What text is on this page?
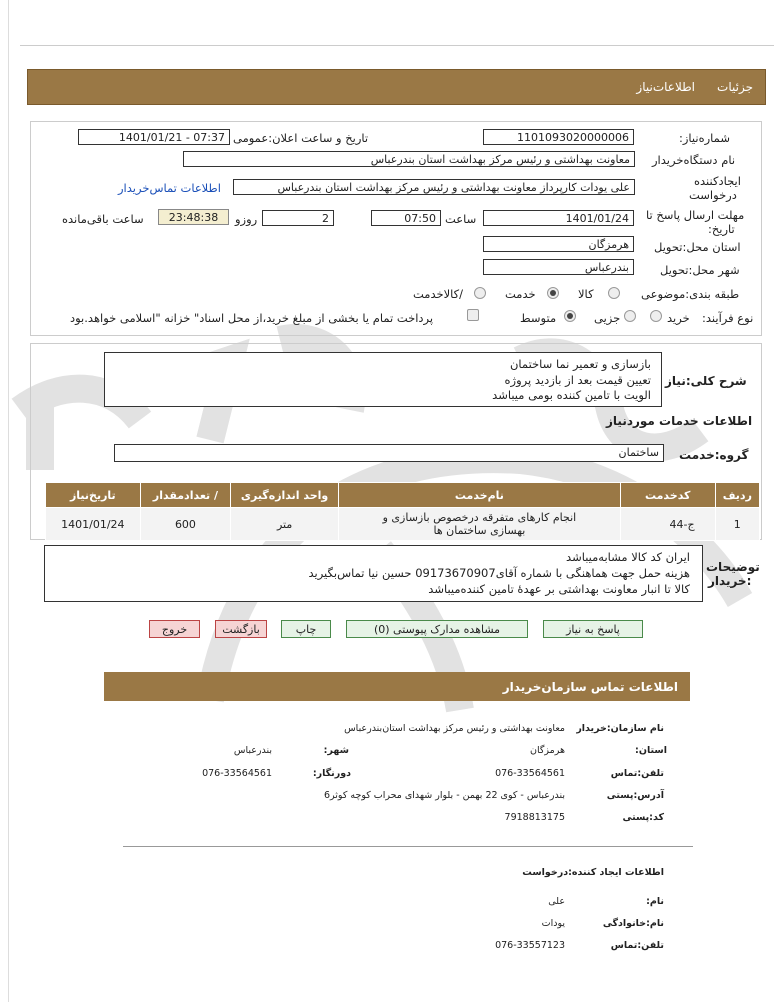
جزئیات
اطلاعات‌نیاز
شماره‌نیاز:
1101093020000006
تاریخ و ساعت اعلان:عمومی
1401/01/21 - 07:37
نام دستگاه‌خریدار
معاونت بهداشتی و رئیس مرکز بهداشت استان بندرعباس
ایجادکننده
درخواست
علی یودات کارپرداز معاونت بهداشتی و رئیس مرکز بهداشت استان بندرعباس
اطلاعات تماس‌خریدار
مهلت ارسال پاسخ تا
تاریخ:
1401/01/24
ساعت
07:50
2
روزو
23:48:38
ساعت باقی‌مانده
استان محل:تحویل
هرمزگان
شهر محل:تحویل
بندرعباس
طبقه بندی:موضوعی
کالا
خدمت
/کالاخدمت
نوع فرآیند:
خرید
جزیی
متوسط
پرداخت تمام یا بخشی از مبلغ خرید،از محل اسناد" خزانه "اسلامی خواهد.بود
شرح کلی:نیاز
بازسازی و تعمیر نما ساختمان
تعیین قیمت بعد از بازدید پروژه
الویت با تامین کننده بومی میباشد
اطلاعات خدمات موردنیاز
گروه:خدمت
ساختمان
ردیف	کدخدمت	نام‌خدمت	واحد اندازه‌گیری	/ تعدادمقدار	تاریخ‌نیاز
1	ج-44	انجام کارهای متفرقه درخصوص بازسازی و
بهسازی ساختمان ها	متر	600	1401/01/24
توضیحات
:خریدار
ایران کد کالا مشابه‌میباشد
هزینه حمل جهت هماهنگی با شماره آقای09173670907 حسین نیا تماس‌بگیرید
کالا تا انبار معاونت بهداشتی بر عهدهٔ تامین کننده‌میباشد
پاسخ به نیاز
مشاهده مدارک پیوستی (0)
چاپ
بازگشت
خروج
اطلاعات تماس سازمان‌خریدار
نام سازمان:خریدار
معاونت بهداشتی و رئیس مرکز بهداشت استان‌بندرعباس
استان:
هرمزگان
شهر:
بندرعباس
تلفن:تماس
076-33564561
دورنگار:
076-33564561
آدرس:پستی
بندرعباس - کوی 22 بهمن - بلوار شهدای محراب کوچه کوثر6
کد:پستی
7918813175
اطلاعات ایجاد کننده:درخواست
نام:
علی
نام:خانوادگی
یودات
تلفن:تماس
076-33557123
